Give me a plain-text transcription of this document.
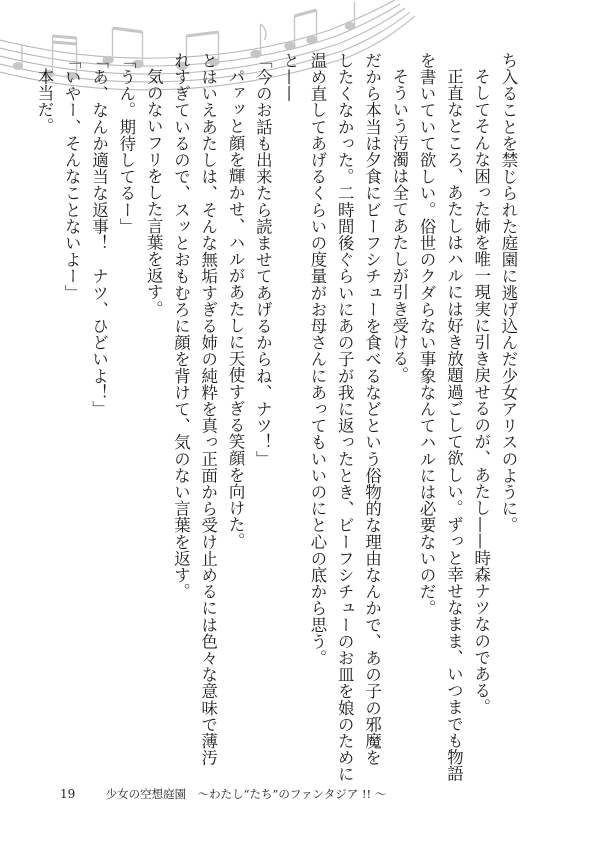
ち入ることを禁じられた庭園に逃げ込んだ少女アリスのように。
そしてそんな困った姉を唯一現実に引き戻せるのが、あたし——時森ナツなのである。
正直なところ、あたしはハルには好き放題過ごして欲しい。ずっと幸せなまま、いつまでも物語
を書いていて欲しい。俗世のクダらない事象なんてハルには必要ないのだ。
そういう汚濁は全てあたしが引き受ける。
だから本当は夕食にビーフシチューを食べるなどという俗物的な理由なんかで、あの子の邪魔を
したくなかった。二時間後ぐらいにあの子が我に返ったとき、ビーフシチューのお皿を娘のために
温め直してあげるくらいの度量がお母さんにあってもいいのにと心の底から思う。
と——
「今のお話も出来たら読ませてあげるからね、ナツ！」
パァッと顔を輝かせ、ハルがあたしに天使すぎる笑顔を向けた。
とはいえあたしは、そんな無垢すぎる姉の純粋を真っ正面から受け止めるには色々な意味で薄汚
れすぎているので、スッとおもむろに顔を背けて、気のない言葉を返す。
気のないフリをした言葉を返す。
「うん。期待してるー」
「あ、なんか適当な返事！　ナツ、ひどいよ！」
「いやー、そんなことないよー」
本当だ。
19	少女の空想庭園　〜わたし“たち”のファンタジア !! 〜
